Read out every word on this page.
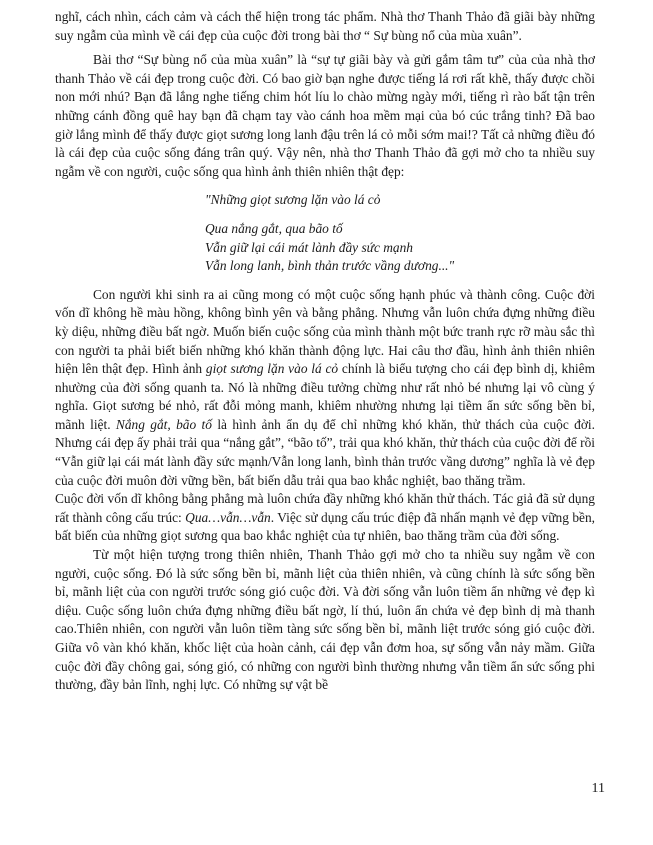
nghĩ, cách nhìn, cách cảm và cách thể hiện trong tác phẩm. Nhà thơ Thanh Thảo đã giãi bày những suy ngẫm của mình về cái đẹp của cuộc đời trong bài thơ “ Sự bùng nổ của mùa xuân”.

Bài thơ “Sự bùng nổ của mùa xuân” là “sự tự giãi bày và gửi gắm tâm tư” của của nhà thơ thanh Thảo về cái đẹp trong cuộc đời. Có bao giờ bạn nghe được tiếng lá rơi rất khẽ, thấy được chồi non mới nhú? Bạn đã lắng nghe tiếng chim hót líu lo chào mừng ngày mới, tiếng rì rào bất tận trên những cánh đồng quê hay bạn đã chạm tay vào cánh hoa mềm mại của bó cúc trắng tinh? Đã bao giờ lắng mình để thấy được giọt sương long lanh đậu trên lá cỏ mỗi sớm mai!? Tất cả những điều đó là cái đẹp của cuộc sống đáng trân quý. Vậy nên, nhà thơ Thanh Thảo đã gợi mở cho ta nhiều suy ngẫm về con người, cuộc sống qua hình ảnh thiên nhiên thật đẹp:

"Những giọt sương lặn vào lá cỏ
Qua nắng gắt, qua bão tố
Vẫn giữ lại cái mát lành đầy sức mạnh
Vẫn long lanh, bình thản trước vầng dương..."

Con người khi sinh ra ai cũng mong có một cuộc sống hạnh phúc và thành công. Cuộc đời vốn dĩ không hề màu hồng, không bình yên và bằng phẳng. Nhưng vẫn luôn chứa đựng những điều kỳ diệu, những điều bất ngờ. Muốn biến cuộc sống của mình thành một bức tranh rực rỡ màu sắc thì con người ta phải biết biến những khó khăn thành động lực. Hai câu thơ đầu, hình ảnh thiên nhiên hiện lên thật đẹp. Hình ảnh giọt sương lặn vào lá cỏ chính là biểu tượng cho cái đẹp bình dị, khiêm nhường của đời sống quanh ta. Nó là những điều tưởng chừng như rất nhỏ bé nhưng lại vô cùng ý nghĩa. Giọt sương bé nhỏ, rất đỗi mỏng manh, khiêm nhường nhưng lại tiềm ẩn sức sống bền bỉ, mãnh liệt. Nắng gắt, bão tố là hình ảnh ẩn dụ để chỉ những khó khăn, thử thách của cuộc đời. Nhưng cái đẹp ấy phải trải qua “nắng gắt”, “bão tố”, trải qua khó khăn, thử thách của cuộc đời để rồi “Vẫn giữ lại cái mát lành đầy sức mạnh/Vẫn long lanh, bình thản trước vầng dương” nghĩa là vẻ đẹp của cuộc đời muôn đời vững bền, bất biến dẫu trải qua bao khắc nghiệt, bao thăng trầm.

Cuộc đời vốn dĩ không bằng phẳng mà luôn chứa đầy những khó khăn thử thách. Tác giả đã sử dụng rất thành công cấu trúc: Qua…vẫn…vẫn. Việc sử dụng cấu trúc điệp đã nhấn mạnh vẻ đẹp vững bền, bất biến của những giọt sương qua bao khắc nghiệt của tự nhiên, bao thăng trầm của đời sống.

Từ một hiện tượng trong thiên nhiên, Thanh Thảo gợi mở cho ta nhiều suy ngẫm về con người, cuộc sống. Đó là sức sống bền bỉ, mãnh liệt của thiên nhiên, và cũng chính là sức sống bền bỉ, mãnh liệt của con người trước sóng gió cuộc đời. Và đời sống vẫn luôn tiềm ẩn những vẻ đẹp kì diệu. Cuộc sống luôn chứa đựng những điều bất ngờ, lí thú, luôn ẩn chứa vẻ đẹp bình dị mà thanh cao.Thiên nhiên, con người vẫn luôn tiềm tàng sức sống bền bỉ, mãnh liệt trước sóng gió cuộc đời. Giữa vô vàn khó khăn, khốc liệt của hoàn cảnh, cái đẹp vẫn đơm hoa, sự sống vẫn nảy mầm. Giữa cuộc đời đầy chông gai, sóng gió, có những con người bình thường nhưng vẫn tiềm ẩn sức sống phi thường, đầy bản lĩnh, nghị lực. Có những sự vật bề

11
